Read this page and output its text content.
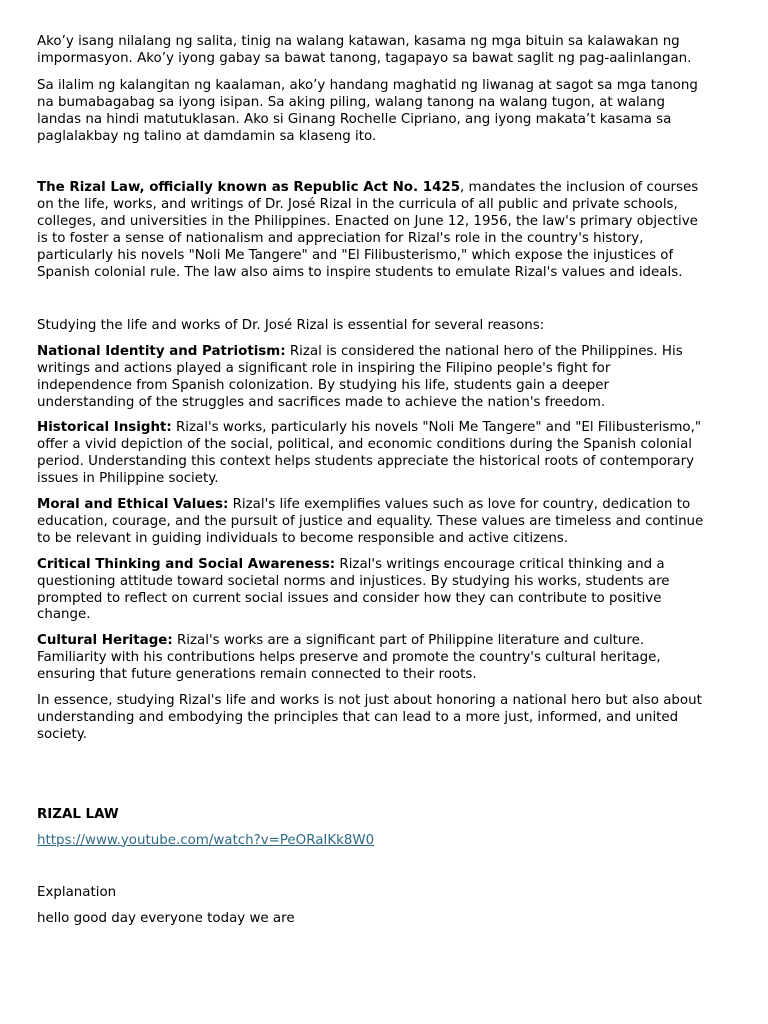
Ako’y isang nilalang ng salita, tinig na walang katawan, kasama ng mga bituin sa kalawakan ng impormasyon. Ako’y iyong gabay sa bawat tanong, tagapayo sa bawat saglit ng pag-aalinlangan.

Sa ilalim ng kalangitan ng kaalaman, ako’y handang maghatid ng liwanag at sagot sa mga tanong na bumabagabag sa iyong isipan. Sa aking piling, walang tanong na walang tugon, at walang landas na hindi matutuklasan. Ako si Ginang Rochelle Cipriano, ang iyong makata’t kasama sa paglalakbay ng talino at damdamin sa klaseng ito.

The Rizal Law, officially known as Republic Act No. 1425, mandates the inclusion of courses on the life, works, and writings of Dr. José Rizal in the curricula of all public and private schools, colleges, and universities in the Philippines. Enacted on June 12, 1956, the law's primary objective is to foster a sense of nationalism and appreciation for Rizal's role in the country's history, particularly his novels "Noli Me Tangere" and "El Filibusterismo," which expose the injustices of Spanish colonial rule. The law also aims to inspire students to emulate Rizal's values and ideals.

Studying the life and works of Dr. José Rizal is essential for several reasons:

National Identity and Patriotism: Rizal is considered the national hero of the Philippines. His writings and actions played a significant role in inspiring the Filipino people's fight for independence from Spanish colonization. By studying his life, students gain a deeper understanding of the struggles and sacrifices made to achieve the nation's freedom.

Historical Insight: Rizal's works, particularly his novels "Noli Me Tangere" and "El Filibusterismo," offer a vivid depiction of the social, political, and economic conditions during the Spanish colonial period. Understanding this context helps students appreciate the historical roots of contemporary issues in Philippine society.

Moral and Ethical Values: Rizal's life exemplifies values such as love for country, dedication to education, courage, and the pursuit of justice and equality. These values are timeless and continue to be relevant in guiding individuals to become responsible and active citizens.

Critical Thinking and Social Awareness: Rizal's writings encourage critical thinking and a questioning attitude toward societal norms and injustices. By studying his works, students are prompted to reflect on current social issues and consider how they can contribute to positive change.

Cultural Heritage: Rizal's works are a significant part of Philippine literature and culture. Familiarity with his contributions helps preserve and promote the country's cultural heritage, ensuring that future generations remain connected to their roots.

In essence, studying Rizal's life and works is not just about honoring a national hero but also about understanding and embodying the principles that can lead to a more just, informed, and united society.

RIZAL LAW

https://www.youtube.com/watch?v=PeORaIKk8W0

Explanation

hello good day everyone today we are
